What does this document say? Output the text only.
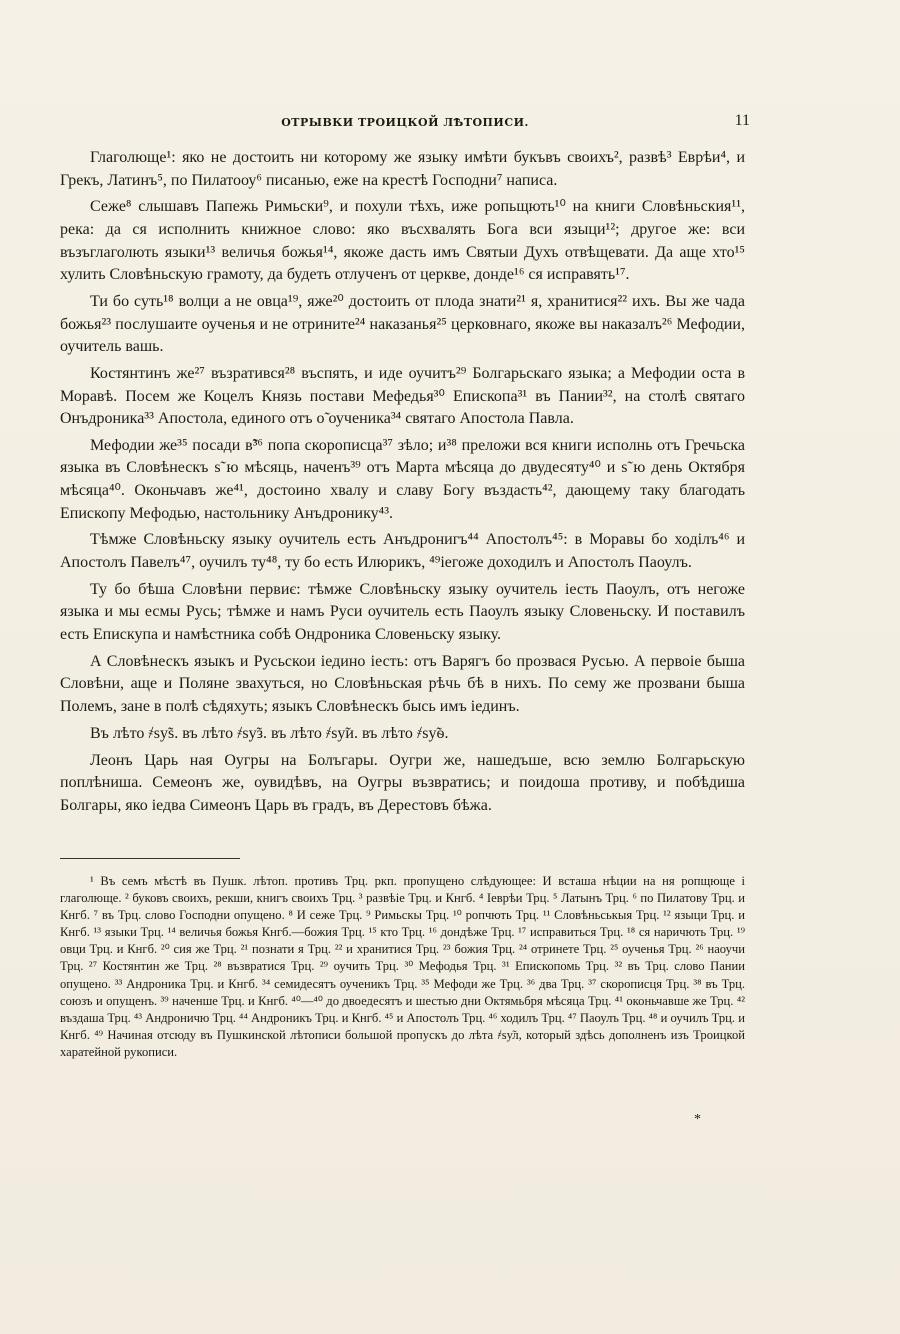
ОТРЫВКИ ТРОИЦКОЙ ЛѢТОПИСИ.	11

Глаголюще¹: яко не достоить ни которому же языку имѣти букъвъ своихъ², развѣ³ Еврѣи⁴, и Грекъ, Латинъ⁵, по Пилатооу⁶ писанью, еже на крестѣ Господни⁷ написа.

Сеже⁸ слышавъ Папежь Римьски⁹, и похули тѣхъ, иже ропьщють¹⁰ на книги Словѣньския¹¹, река: да ся исполнить книжное слово: яко въсхвалять Бога вси языци¹²; другое же: вси възъглаголють языки¹³ величья божья¹⁴, якоже дасть имъ Святыи Духъ отвѣщевати. Да аще хто¹⁵ хулить Словѣньскую грамоту, да будеть отлученъ от церкве, донде¹⁶ ся исправять¹⁷.

Ти бо суть¹⁸ волци а не овца¹⁹, яже²⁰ достоить от плода знати²¹ я, хранитися²² ихъ. Вы же чада божья²³ послушаите оученья и не отрините²⁴ наказанья²⁵ церковнаго, якоже вы наказалъ²⁶ Мефодии, оучитель вашь.

Костянтинъ же²⁷ възратився²⁸ въспять, и иде оучитъ²⁹ Болгарьскаго языка; а Мефодии оста в Моравѣ. Посем же Коцелъ Князь постави Мефедья³⁰ Епископа³¹ въ Пании³², на столѣ святаго Онъдроника³³ Апостола, единого отъ о̃ оученика³⁴ святаго Апостола Павла.

Мефодии же³⁵ посади в̃³⁶ попа скорописца³⁷ зѣло; и³⁸ преложи вся книги исполнь отъ Гречьска языка въ Словѣнескъ ѕ̃ ю мѣсяць, наченъ³⁹ отъ Марта мѣсяца до двудесяту⁴⁰ и ѕ̃ ю день Октября мѣсяца⁴⁰. Оконьчавъ же⁴¹, достоино хвалу и славу Богу въздасть⁴², дающему таку благодать Епископу Мефодью, настольнику Анъдронику⁴³.

Тѣмже Словѣньску языку оучитель есть Анъдронигъ⁴⁴ Апостолъ⁴⁵: в Моравы бо ходілъ⁴⁶ и Апостолъ Павелъ⁴⁷, оучилъ ту⁴⁸, ту бо есть Илюрикъ, ⁴⁹іегоже доходилъ и Апостолъ Паоулъ.

Ту бо бѣша Словѣни первиє: тѣмже Словѣньску языку оучитель іесть Паоулъ, отъ негоже языка и мы есмы Русь; тѣмже и намъ Руси оучитель есть Паоулъ языку Словеньску. И поставилъ есть Епискупа и намѣстника собѣ Ондроника Словеньску языку.

А Словѣнескъ языкъ и Русьскои іедино іесть: отъ Варягъ бо прозвася Русью. А первоіе быша Словѣни, аще и Поляне звахуться, но Словѣньская рѣчь бѣ в нихъ. По сему же прозвани быша Полемъ, зане в полѣ сѣдяхуть; языкъ Словѣнескъ бысь имъ іединъ.

Въ лѣто ҂ѕу̃ѕ. въ лѣто ҂ѕу̃з. въ лѣто ҂ѕу̃и. въ лѣто ҂ѕу̃ѳ.

Леонъ Царь ная Оугры на Болъгары. Оугри же, нашедъше, всю землю Болгарьскую поплѣниша. Семеонъ же, оувидѣвъ, на Оугры възвратись; и поидоша противу, и побѣдиша Болгары, яко іедва Симеонъ Царь въ градъ, въ Дерестовъ бѣжа.

¹ Въ семъ мѣстѣ въ Пушк. лѣтоп. противъ Трц. ркп. пропущено слѣдующее: И всташа нѣции на ня ропщюще і глаголюще. ² буковъ своихъ, рекши, книгъ своихъ Трц. ³ развѣіе Трц. и Кнгб. ⁴ Іеврѣи Трц. ⁵ Латынъ Трц. ⁶ по Пилатову Трц. и Кнгб. ⁷ въ Трц. слово Господни опущено. ⁸ И сеже Трц. ⁹ Римьскы Трц. ¹⁰ ропчють Трц. ¹¹ Словѣньськыя Трц. ¹² языци Трц. и Кнгб. ¹³ языки Трц. ¹⁴ величья божья Кнгб.—божия Трц. ¹⁵ кто Трц. ¹⁶ дондѣже Трц. ¹⁷ исправиться Трц. ¹⁸ ся наричють Трц. ¹⁹ овци Трц. и Кнгб. ²⁰ сия же Трц. ²¹ познати я Трц. ²² и хранитися Трц. ²³ божия Трц. ²⁴ отринете Трц. ²⁵ оученья Трц. ²⁶ наоучи Трц. ²⁷ Костянтин же Трц. ²⁸ възвратися Трц. ²⁹ оучить Трц. ³⁰ Мефодья Трц. ³¹ Епископомь Трц. ³² въ Трц. слово Пании опущено. ³³ Андроника Трц. и Кнгб. ³⁴ семидесятъ оученикъ Трц. ³⁵ Мефоди же Трц. ³⁶ два Трц. ³⁷ скорописця Трц. ³⁸ въ Трц. союзъ и опущенъ. ³⁹ наченше Трц. и Кнгб. ⁴⁰—⁴⁰ до двоедесятъ и шестью дни Октямьбря мѣсяца Трц. ⁴¹ оконьчавше же Трц. ⁴² въздаша Трц. ⁴³ Андроничю Трц. ⁴⁴ Андроникъ Трц. и Кнгб. ⁴⁵ и Апостолъ Трц. ⁴⁶ ходилъ Трц. ⁴⁷ Паоулъ Трц. ⁴⁸ и оучилъ Трц. и Кнгб. ⁴⁹ Начиная отсюду въ Пушкинской лѣтописи большой пропускъ до лѣта ҂ѕу̃л, который здѣсь дополненъ изъ Троицкой харатейной рукописи.
*
